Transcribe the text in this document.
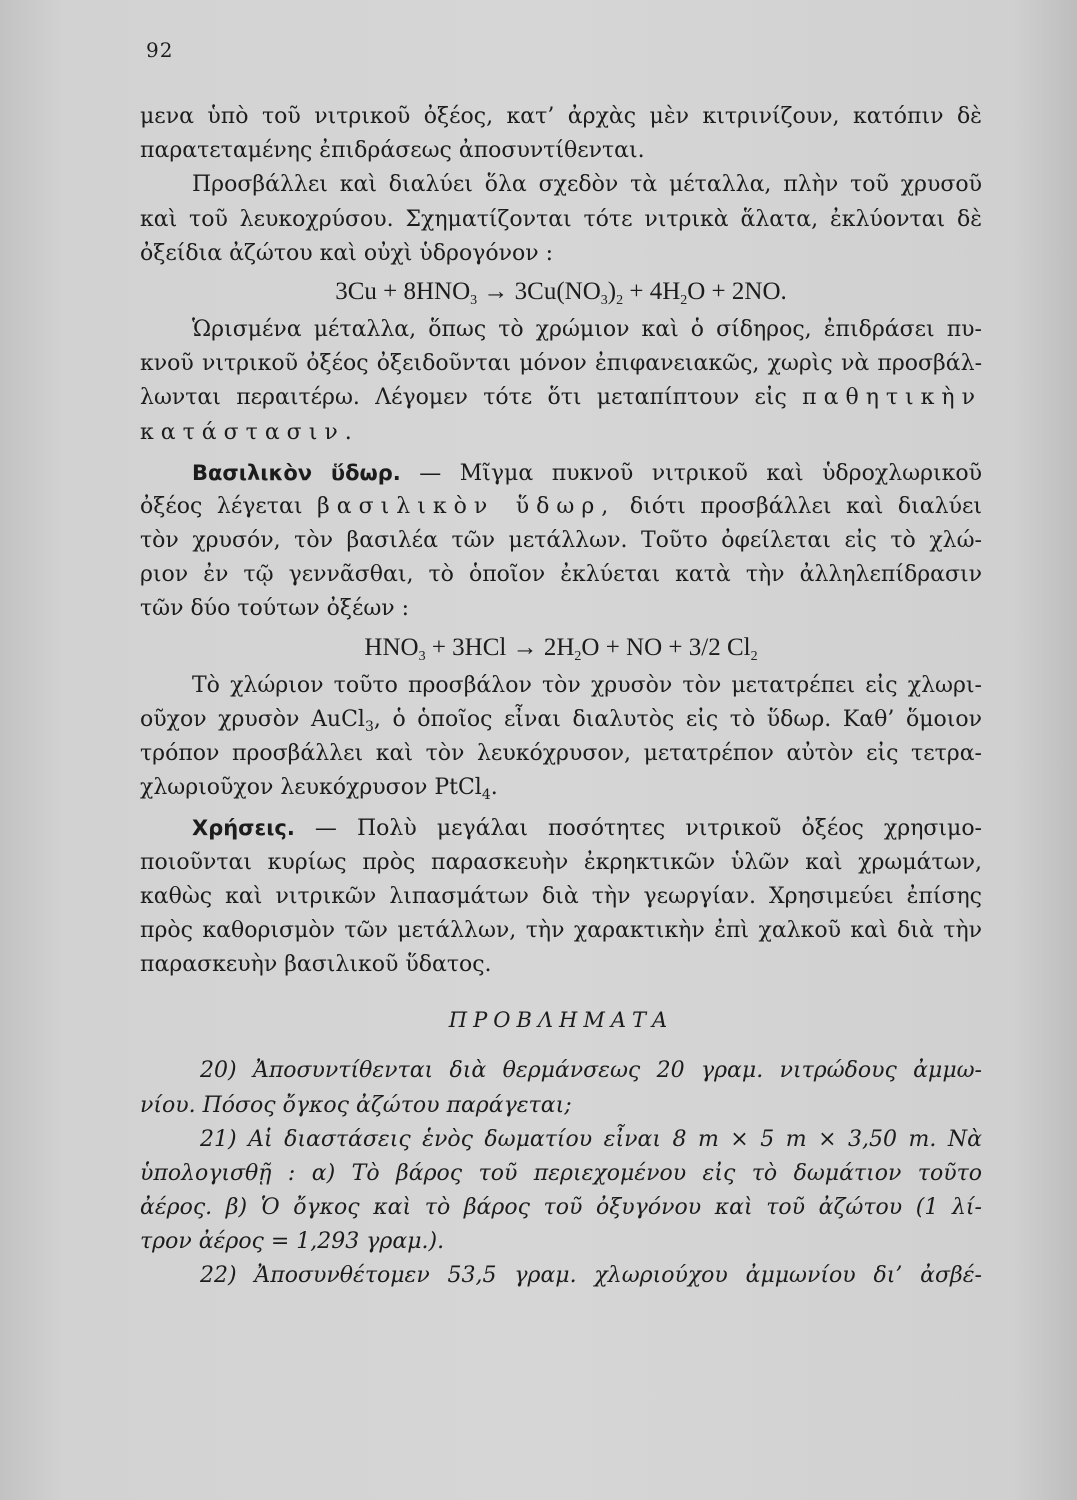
92
μενα ὑπὸ τοῦ νιτρικοῦ ὀξέος, κατ’ ἀρχὰς μὲν κιτρινίζουν, κατόπιν δὲ
παρατεταμένης ἐπιδράσεως ἀποσυντίθενται.
Προσβάλλει καὶ διαλύει ὅλα σχεδὸν τὰ μέταλλα, πλὴν τοῦ χρυσοῦ
καὶ τοῦ λευκοχρύσου. Σχηματίζονται τότε νιτρικὰ ἅλατα, ἐκλύονται δὲ
ὀξείδια ἀζώτου καὶ οὐχὶ ὑδρογόνον :
$3Cu + 8HNO_3 \to 3Cu(NO_3)_2 + 4H_2O + 2NO$.
Ὡρισμένα μέταλλα, ὅπως τὸ χρώμιον καὶ ὁ σίδηρος, ἐπιδράσει πυ-
κνοῦ νιτρικοῦ ὀξέος ὀξειδοῦνται μόνον ἐπιφανειακῶς, χωρὶς νὰ προσβάλ-
λωνται περαιτέρω. Λέγομεν τότε ὅτι μεταπίπτουν εἰς παθητικὴν
κατάστασιν.
Βασιλικὸν ὕδωρ. — Μῖγμα πυκνοῦ νιτρικοῦ καὶ ὑδροχλωρικοῦ
ὀξέος λέγεται βασιλικὸν ὕδωρ, διότι προσβάλλει καὶ διαλύει
τὸν χρυσόν, τὸν βασιλέα τῶν μετάλλων. Τοῦτο ὀφείλεται εἰς τὸ χλώ-
ριον ἐν τῷ γεννᾶσθαι, τὸ ὁποῖον ἐκλύεται κατὰ τὴν ἀλληλεπίδρασιν
τῶν δύο τούτων ὀξέων :
$HNO_3 + 3HCl \to 2H_2O$ + NO + 3/2 $Cl_2$
Τὸ χλώριον τοῦτο προσβάλον τὸν χρυσὸν τὸν μετατρέπει εἰς χλωρι-
οῦχον χρυσὸν AuCl$_3$, ὁ ὁποῖος εἶναι διαλυτὸς εἰς τὸ ὕδωρ. Καθ’ ὅμοιον
τρόπον προσβάλλει καὶ τὸν λευκόχρυσον, μετατρέπον αὐτὸν εἰς τετρα-
χλωριοῦχον λευκόχρυσον PtCl$_4$.
Χρήσεις. — Πολὺ μεγάλαι ποσότητες νιτρικοῦ ὀξέος χρησιμο-
ποιοῦνται κυρίως πρὸς παρασκευὴν ἐκρηκτικῶν ὑλῶν καὶ χρωμάτων,
καθὼς καὶ νιτρικῶν λιπασμάτων διὰ τὴν γεωργίαν. Χρησιμεύει ἐπίσης
πρὸς καθορισμὸν τῶν μετάλλων, τὴν χαρακτικὴν ἐπὶ χαλκοῦ καὶ διὰ τὴν
παρασκευὴν βασιλικοῦ ὕδατος.
ΠΡΟΒΛΗΜΑΤΑ
20) Ἀποσυντίθενται διὰ θερμάνσεως 20 γραμ. νιτρώδους ἀμμω-
νίου. Πόσος ὄγκος ἀζώτου παράγεται;
21) Αἱ διαστάσεις ἑνὸς δωματίου εἶναι 8 m × 5 m × 3,50 m. Νὰ
ὑπολογισθῇ : α) Τὸ βάρος τοῦ περιεχομένου εἰς τὸ δωμάτιον τοῦτο
ἀέρος. β) Ὁ ὄγκος καὶ τὸ βάρος τοῦ ὀξυγόνου καὶ τοῦ ἀζώτου (1 λί-
τρον ἀέρος = 1,293 γραμ.).
22) Ἀποσυνθέτομεν 53,5 γραμ. χλωριούχου ἀμμωνίου δι’ ἀσβέ-
